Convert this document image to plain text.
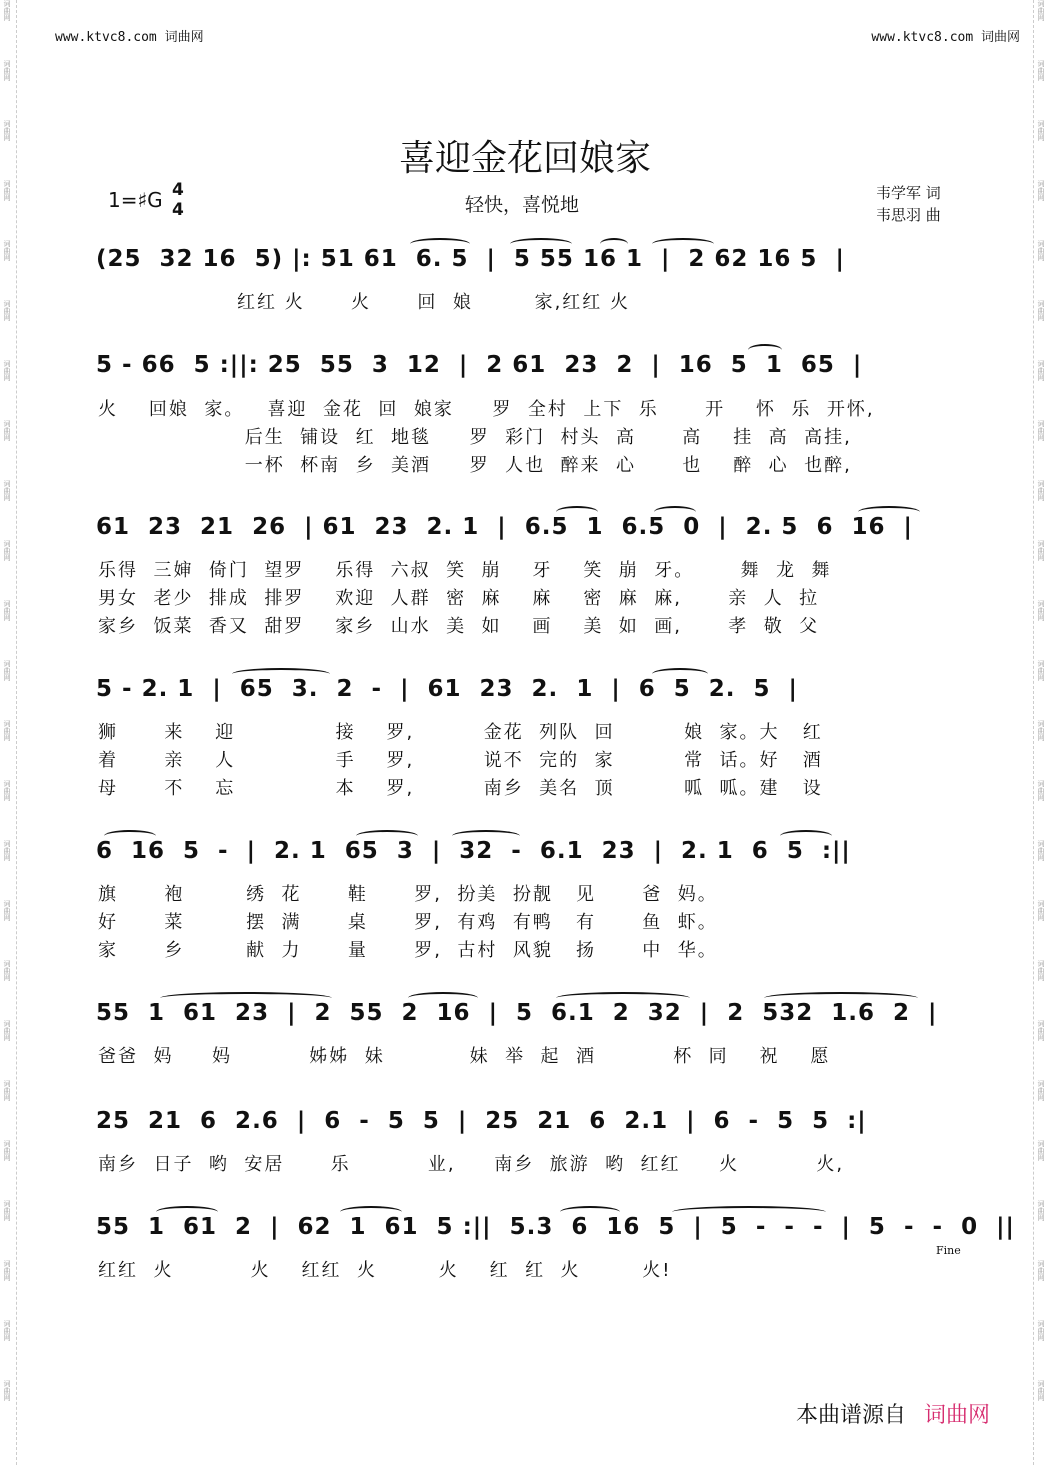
词曲网
词曲网
词曲网
词曲网
词曲网
词曲网
词曲网
词曲网
词曲网
词曲网
词曲网
词曲网
词曲网
词曲网
词曲网
词曲网
词曲网
词曲网
词曲网
词曲网
词曲网
词曲网
词曲网
词曲网
词曲网
词曲网
词曲网
词曲网
词曲网
词曲网
词曲网
词曲网
词曲网
词曲网
词曲网
词曲网
词曲网
词曲网
词曲网
词曲网
词曲网
词曲网
词曲网
词曲网
词曲网
词曲网
词曲网
词曲网
www.ktvc8.com 词曲网	www.ktvc8.com 词曲网
喜迎金花回娘家
1=♯G 4
4	轻快，喜悦地
韦学军 词
韦思羽 曲

(25  32 16  5) |: 51 61  6. 5  |  5 55 16 1  |  2 62 16 5  |

红红 火      火      回  娘        家,红红 火

5 - 66  5 :||: 25  55  3  12  |  2 61  23  2  |  16  5  1  65  |

火    回娘  家。   喜迎  金花  回  娘家     罗  全村  上下  乐      开    怀  乐  开怀,
后生  铺设  红  地毯     罗  彩门  村头  高      高    挂  高  高挂,
一杯  杯南  乡  美酒     罗  人也  醉来  心      也    醉  心  也醉,

61  23  21  26  | 61  23  2. 1  |  6.5  1  6.5  0  |  2. 5  6  16  |

乐得  三婶  倚门  望罗    乐得  六叔  笑  崩    牙    笑  崩  牙。      舞  龙  舞
男女  老少  排成  排罗    欢迎  人群  密  麻    麻    密  麻  麻,      亲  人  拉
家乡  饭菜  香又  甜罗    家乡  山水  美  如    画    美  如  画,      孝  敬  父

5 - 2. 1  |  65  3.  2  -  |  61  23  2.  1  |  6  5  2.  5  |

狮      来    迎             接    罗,         金花  列队  回         娘  家。大   红
着      亲    人             手    罗,         说不  完的  家         常  话。好   酒
母      不    忘             本    罗,         南乡  美名  顶         呱  呱。建   设

6  16  5  -  |  2. 1  65  3  |  32  -  6.1  23  |  2. 1  6  5  :||

旗      袍        绣  花      鞋      罗,  扮美  扮靓   见      爸  妈。
好      菜        摆  满      桌      罗,  有鸡  有鸭   有      鱼  虾。
家      乡        献  力      量      罗,  古村  风貌   扬      中  华。

55  1  61  23  |  2  55  2  16  |  5  6.1  2  32  |  2  532  1.6  2  |

爸爸  妈     妈          姊姊  妹           妹  举  起  酒          杯  同    祝    愿

25  21  6  2.6  |  6  -  5  5  |  25  21  6  2.1  |  6  -  5  5  :|

南乡  日子  哟  安居      乐          业,     南乡  旅游  哟  红红     火          火,

55  1  61  2  |  62  1  61  5 :||  5.3  6  16  5  |  5  -  -  -  |  5  -  -  0  ||

红红  火          火    红红  火        火    红  红  火        火!
Fine
本曲谱源自 词曲网
